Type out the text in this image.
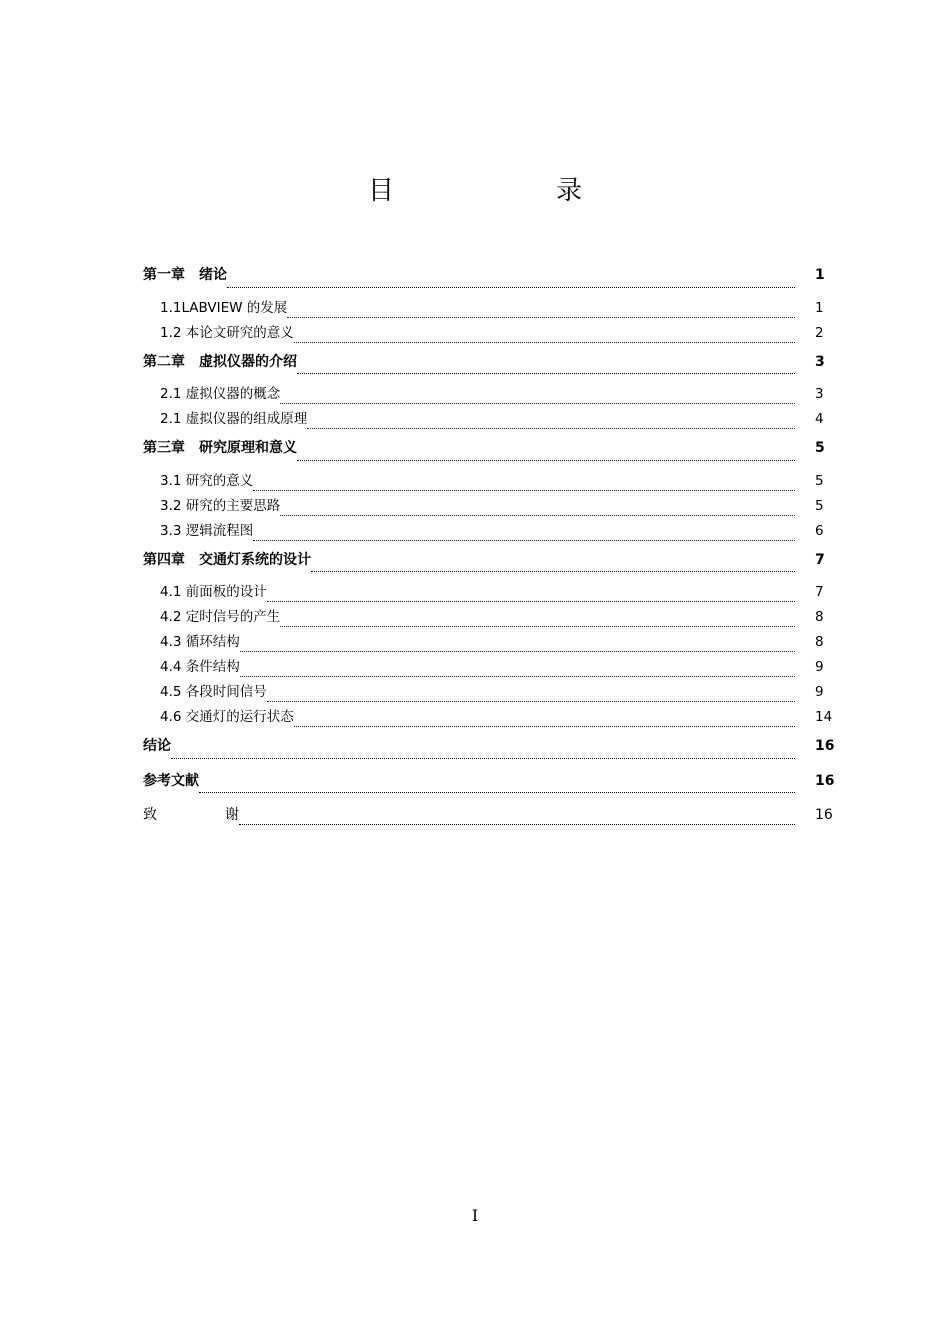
目　录
第一章　绪论	1
1.1LABVIEW 的发展	1
1.2 本论文研究的意义	2
第二章　虚拟仪器的介绍	3
2.1 虚拟仪器的概念	3
2.1 虚拟仪器的组成原理	4
第三章　研究原理和意义	5
3.1 研究的意义	5
3.2 研究的主要思路	5
3.3 逻辑流程图	6
第四章　交通灯系统的设计	7
4.1 前面板的设计	7
4.2 定时信号的产生	8
4.3 循环结构	8
4.4 条件结构	9
4.5 各段时间信号	9
4.6 交通灯的运行状态	14
结论	16
参考文献	16
致谢	16
I
